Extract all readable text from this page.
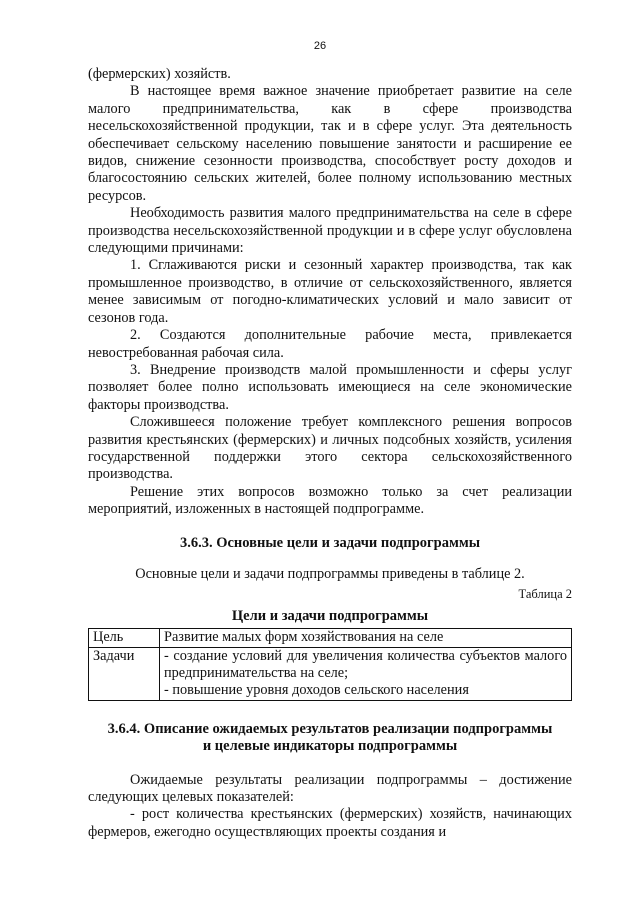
26

(фермерских) хозяйств.

В настоящее время важное значение приобретает развитие на селе малого предпринимательства, как в сфере производства несельскохозяйственной продукции, так и в сфере услуг. Эта деятельность обеспечивает сельскому населению повышение занятости и расширение ее видов, снижение сезонности производства, способствует росту доходов и благосостоянию сельских жителей, более полному использованию местных ресурсов.

Необходимость развития малого предпринимательства на селе в сфере производства несельскохозяйственной продукции и в сфере услуг обусловлена следующими причинами:

1. Сглаживаются риски и сезонный характер производства, так как промышленное производство, в отличие от сельскохозяйственного, является менее зависимым от погодно-климатических условий и мало зависит от сезонов года.

2. Создаются дополнительные рабочие места, привлекается невостребованная рабочая сила.

3. Внедрение производств малой промышленности и сферы услуг позволяет более полно использовать имеющиеся на селе экономические факторы производства.

Сложившееся положение требует комплексного решения вопросов развития крестьянских (фермерских) и личных подсобных хозяйств, усиления государственной поддержки этого сектора сельскохозяйственного производства.

Решение этих вопросов возможно только за счет реализации мероприятий, изложенных в настоящей подпрограмме.

3.6.3. Основные цели и задачи подпрограммы

Основные цели и задачи подпрограммы приведены в таблице 2.

Таблица 2

Цели и задачи подпрограммы

Цель	Развитие малых форм хозяйствования на селе
Задачи	- создание условий для увеличения количества субъектов малого предпринимательства на селе;
- повышение уровня доходов сельского населения

3.6.4. Описание ожидаемых результатов реализации подпрограммы

и целевые индикаторы подпрограммы

Ожидаемые результаты реализации подпрограммы – достижение следующих целевых показателей:

- рост количества крестьянских (фермерских) хозяйств, начинающих фермеров, ежегодно осуществляющих проекты создания и
